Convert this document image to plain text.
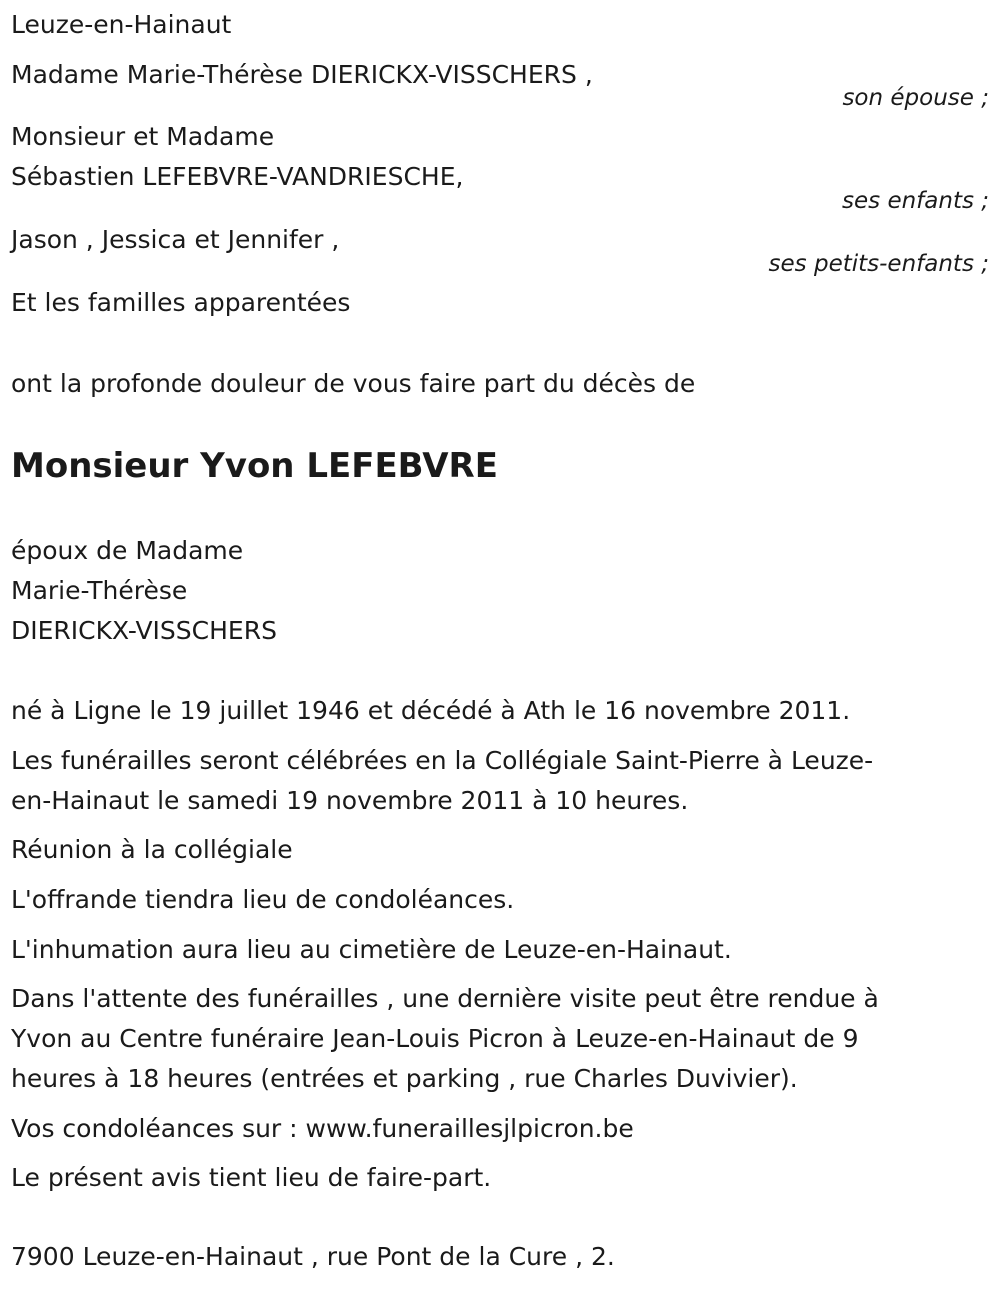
Leuze-en-Hainaut
Madame Marie-Thérèse DIERICKX-VISSCHERS ,
son épouse ;
Monsieur et Madame
Sébastien LEFEBVRE-VANDRIESCHE,
ses enfants ;
Jason , Jessica et Jennifer ,
ses petits-enfants ;
Et les familles apparentées
ont la profonde douleur de vous faire part du décès de
Monsieur Yvon LEFEBVRE
époux de Madame
Marie-Thérèse
DIERICKX-VISSCHERS
né à Ligne le 19 juillet 1946 et décédé à Ath le 16 novembre 2011.
Les funérailles seront célébrées en la Collégiale Saint-Pierre à Leuze-
en-Hainaut le samedi 19 novembre 2011 à 10 heures.
Réunion à la collégiale
L'offrande tiendra lieu de condoléances.
L'inhumation aura lieu au cimetière de Leuze-en-Hainaut.
Dans l'attente des funérailles , une dernière visite peut être rendue à
Yvon au Centre funéraire Jean-Louis Picron à Leuze-en-Hainaut de 9
heures à 18 heures (entrées et parking , rue Charles Duvivier).
Vos condoléances sur : www.funeraillesjlpicron.be
Le présent avis tient lieu de faire-part.
7900 Leuze-en-Hainaut , rue Pont de la Cure , 2.
